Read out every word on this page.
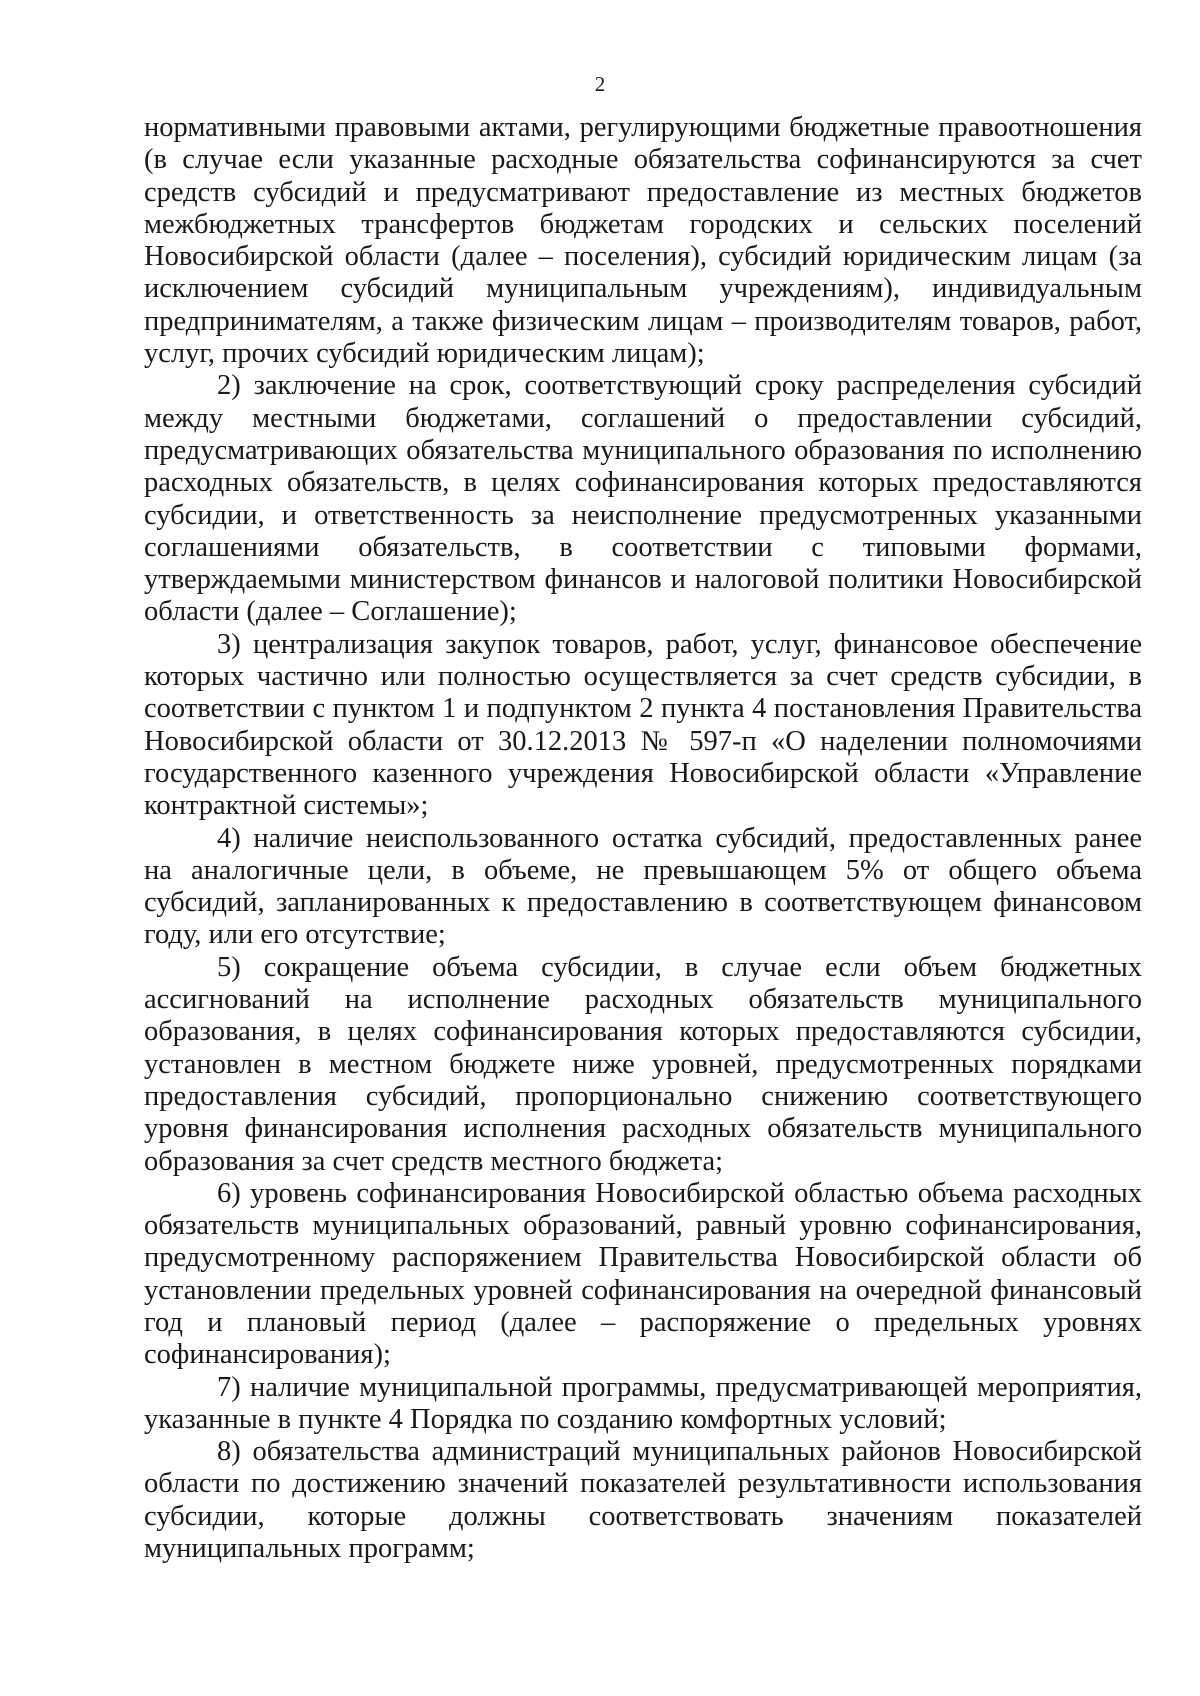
2

нормативными правовыми актами, регулирующими бюджетные правоотношения (в случае если указанные расходные обязательства софинансируются за счет средств субсидий и предусматривают предоставление из местных бюджетов межбюджетных трансфертов бюджетам городских и сельских поселений Новосибирской области (далее – поселения), субсидий юридическим лицам (за исключением субсидий муниципальным учреждениям), индивидуальным предпринимателям, а также физическим лицам – производителям товаров, работ, услуг, прочих субсидий юридическим лицам);

2) заключение на срок, соответствующий сроку распределения субсидий между местными бюджетами, соглашений о предоставлении субсидий, предусматривающих обязательства муниципального образования по исполнению расходных обязательств, в целях софинансирования которых предоставляются субсидии, и ответственность за неисполнение предусмотренных указанными соглашениями обязательств, в соответствии с типовыми формами, утверждаемыми министерством финансов и налоговой политики Новосибирской области (далее – Соглашение);

3) централизация закупок товаров, работ, услуг, финансовое обеспечение которых частично или полностью осуществляется за счет средств субсидии, в соответствии с пунктом 1 и подпунктом 2 пункта 4 постановления Правительства Новосибирской области от 30.12.2013 № 597-п «О наделении полномочиями государственного казенного учреждения Новосибирской области «Управление контрактной системы»;

4) наличие неиспользованного остатка субсидий, предоставленных ранее на аналогичные цели, в объеме, не превышающем 5% от общего объема субсидий, запланированных к предоставлению в соответствующем финансовом году, или его отсутствие;

5) сокращение объема субсидии, в случае если объем бюджетных ассигнований на исполнение расходных обязательств муниципального образования, в целях софинансирования которых предоставляются субсидии, установлен в местном бюджете ниже уровней, предусмотренных порядками предоставления субсидий, пропорционально снижению соответствующего уровня финансирования исполнения расходных обязательств муниципального образования за счет средств местного бюджета;

6) уровень софинансирования Новосибирской областью объема расходных обязательств муниципальных образований, равный уровню софинансирования, предусмотренному распоряжением Правительства Новосибирской области об установлении предельных уровней софинансирования на очередной финансовый год и плановый период (далее – распоряжение о предельных уровнях софинансирования);

7) наличие муниципальной программы, предусматривающей мероприятия, указанные в пункте 4 Порядка по созданию комфортных условий;

8) обязательства администраций муниципальных районов Новосибирской области по достижению значений показателей результативности использования субсидии, которые должны соответствовать значениям показателей муниципальных программ;
